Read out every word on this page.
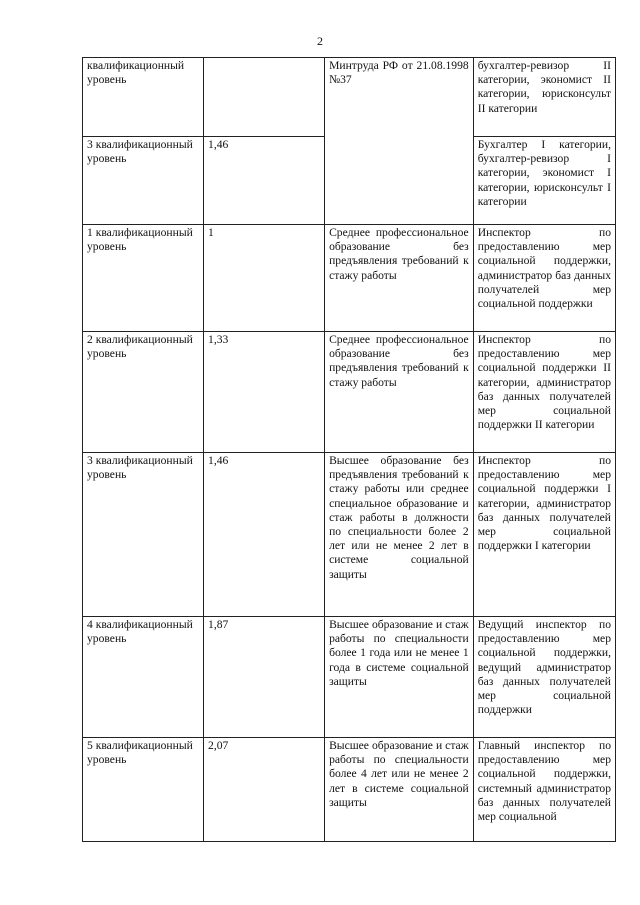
2
квалификационный уровень		Минтруда РФ от 21.08.1998 №37	бухгалтер-ревизор II категории, экономист II категории, юрисконсульт II категории
3 квалификационный уровень	1,46		Бухгалтер I категории, бухгалтер-ревизор I категории, экономист I категории, юрисконсульт I категории
1 квалификационный уровень	1	Среднее профессиональное образование без предъявления требований к стажу работы	Инспектор по предоставлению мер социальной поддержки, администратор баз данных получателей мер социальной поддержки
2 квалификационный уровень	1,33	Среднее профессиональное образование без предъявления требований к стажу работы	Инспектор по предоставлению мер социальной поддержки II категории, администратор баз данных получателей мер социальной поддержки II категории
3 квалификационный уровень	1,46	Высшее образование без предъявления требований к стажу работы или среднее специальное образование и стаж работы в должности по специальности более 2 лет или не менее 2 лет в системе социальной защиты	Инспектор по предоставлению мер социальной поддержки I категории, администратор баз данных получателей мер социальной поддержки I категории
4 квалификационный уровень	1,87	Высшее образование и стаж работы по специальности более 1 года или не менее 1 года в системе социальной защиты	Ведущий инспектор по предоставлению мер социальной поддержки, ведущий администратор баз данных получателей мер социальной поддержки
5 квалификационный уровень	2,07	Высшее образование и стаж работы по специальности более 4 лет или не менее 2 лет в системе социальной защиты	Главный инспектор по предоставлению мер социальной поддержки, системный администратор баз данных получателей мер социальной
